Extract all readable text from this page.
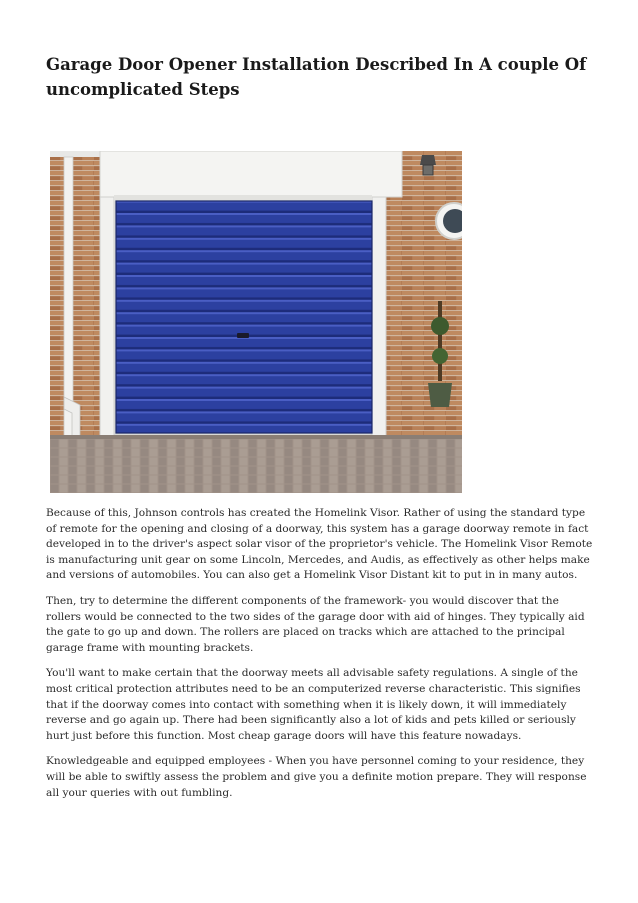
Garage Door Opener Installation Described In A couple Of uncomplicated Steps

Because of this, Johnson controls has created the Homelink Visor. Rather of using the standard type of remote for the opening and closing of a doorway, this system has a garage doorway remote in fact developed in to the driver's aspect solar visor of the proprietor's vehicle. The Homelink Visor Remote is manufacturing unit gear on some Lincoln, Mercedes, and Audis, as effectively as other helps make and versions of automobiles. You can also get a Homelink Visor Distant kit to put in in many autos.

Then, try to determine the different components of the framework- you would discover that the rollers would be connected to the two sides of the garage door with aid of hinges. They typically aid the gate to go up and down. The rollers are placed on tracks which are attached to the principal garage frame with mounting brackets.

You'll want to make certain that the doorway meets all advisable safety regulations. A single of the most critical protection attributes need to be an computerized reverse characteristic. This signifies that if the doorway comes into contact with something when it is likely down, it will immediately reverse and go again up. There had been significantly also a lot of kids and pets killed or seriously hurt just before this function. Most cheap garage doors will have this feature nowadays.

Knowledgeable and equipped employees - When you have personnel coming to your residence, they will be able to swiftly assess the problem and give you a definite motion prepare. They will response all your queries with out fumbling.
